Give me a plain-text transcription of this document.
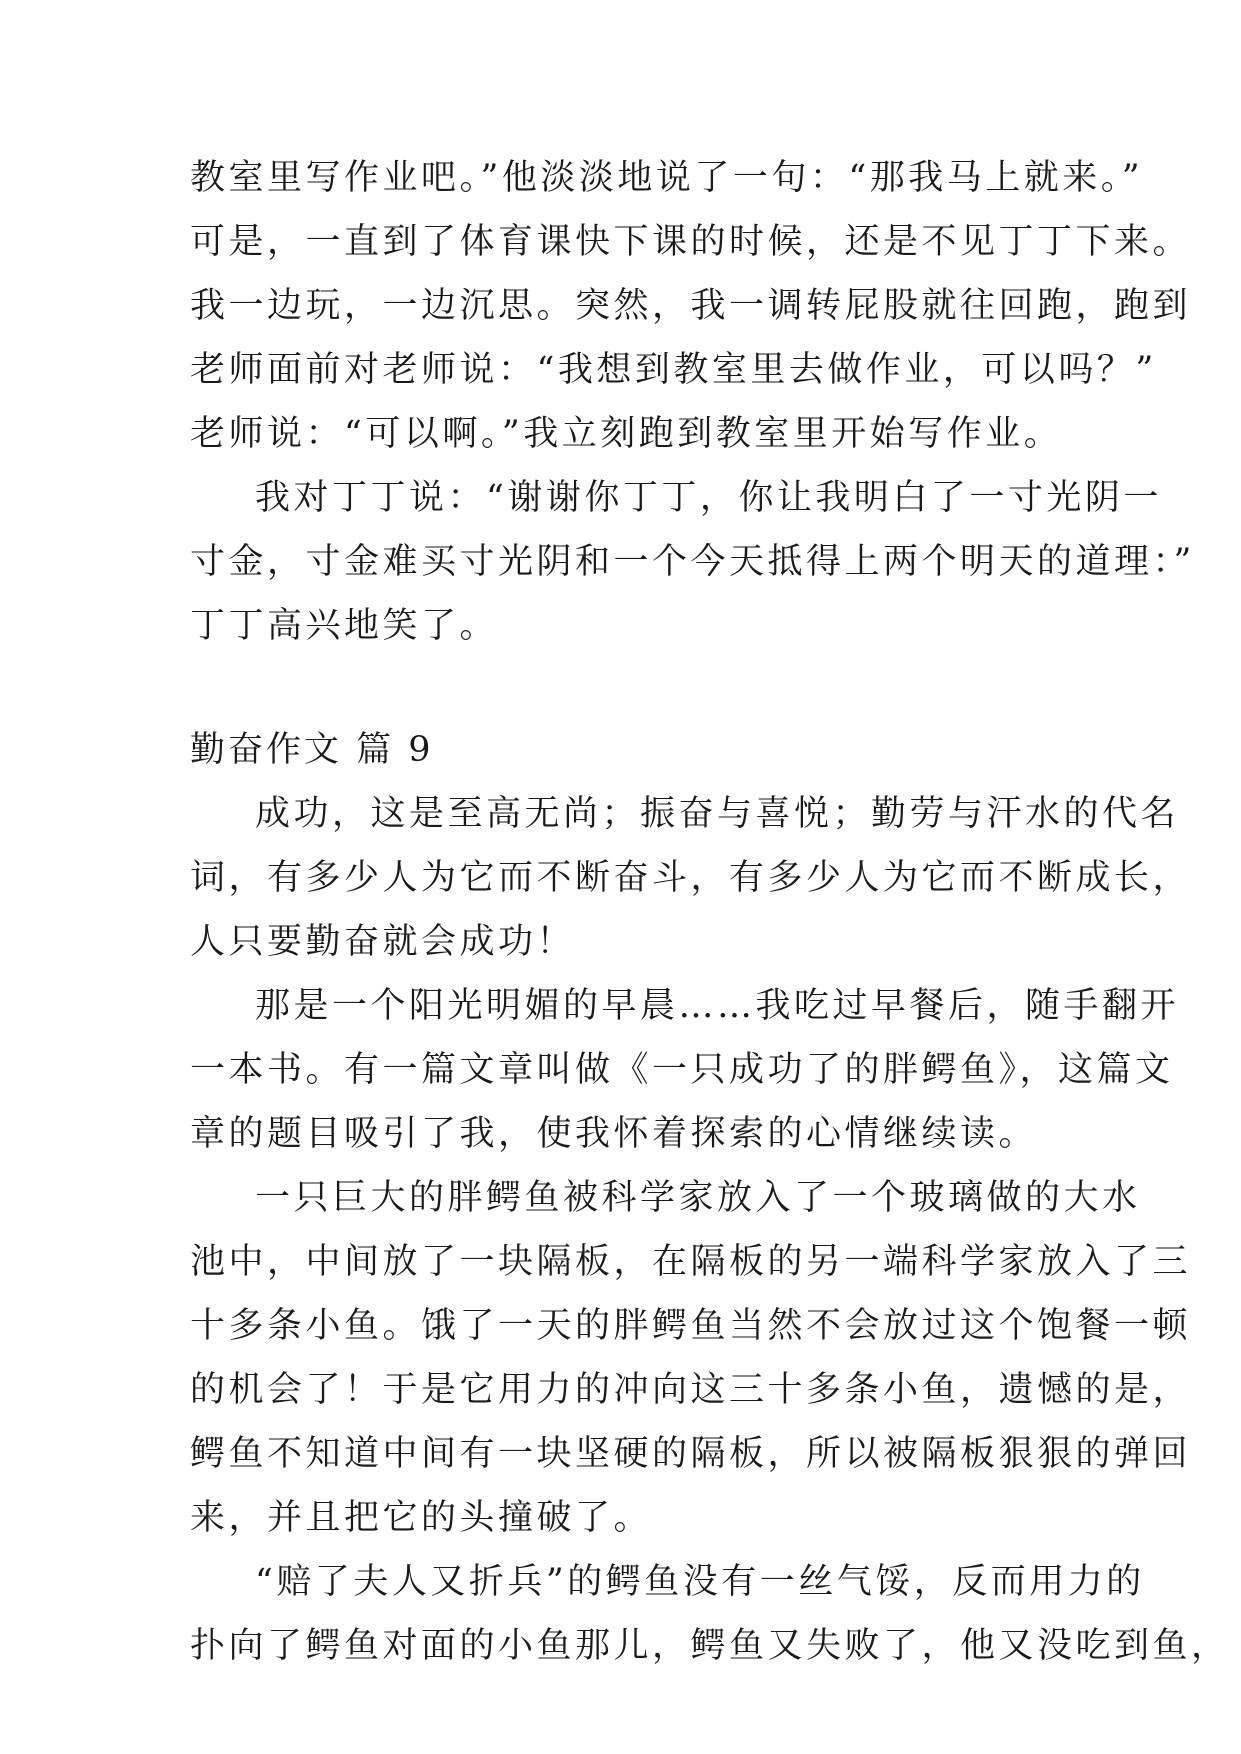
教室里写作业吧。”他淡淡地说了一句：“那我马上就来。”
可是，一直到了体育课快下课的时候，还是不见丁丁下来。
我一边玩，一边沉思。突然，我一调转屁股就往回跑，跑到
老师面前对老师说：“我想到教室里去做作业，可以吗？”
老师说：“可以啊。”我立刻跑到教室里开始写作业。
我对丁丁说：“谢谢你丁丁，你让我明白了一寸光阴一
寸金，寸金难买寸光阴和一个今天抵得上两个明天的道理：”
丁丁高兴地笑了。
勤奋作文 篇 9
成功，这是至高无尚；振奋与喜悦；勤劳与汗水的代名
词，有多少人为它而不断奋斗，有多少人为它而不断成长，
人只要勤奋就会成功！
那是一个阳光明媚的早晨……我吃过早餐后，随手翻开
一本书。有一篇文章叫做《一只成功了的胖鳄鱼》，这篇文
章的题目吸引了我，使我怀着探索的心情继续读。
一只巨大的胖鳄鱼被科学家放入了一个玻璃做的大水
池中，中间放了一块隔板，在隔板的另一端科学家放入了三
十多条小鱼。饿了一天的胖鳄鱼当然不会放过这个饱餐一顿
的机会了！于是它用力的冲向这三十多条小鱼，遗憾的是，
鳄鱼不知道中间有一块坚硬的隔板，所以被隔板狠狠的弹回
来，并且把它的头撞破了。
“赔了夫人又折兵”的鳄鱼没有一丝气馁，反而用力的
扑向了鳄鱼对面的小鱼那儿，鳄鱼又失败了，他又没吃到鱼，
